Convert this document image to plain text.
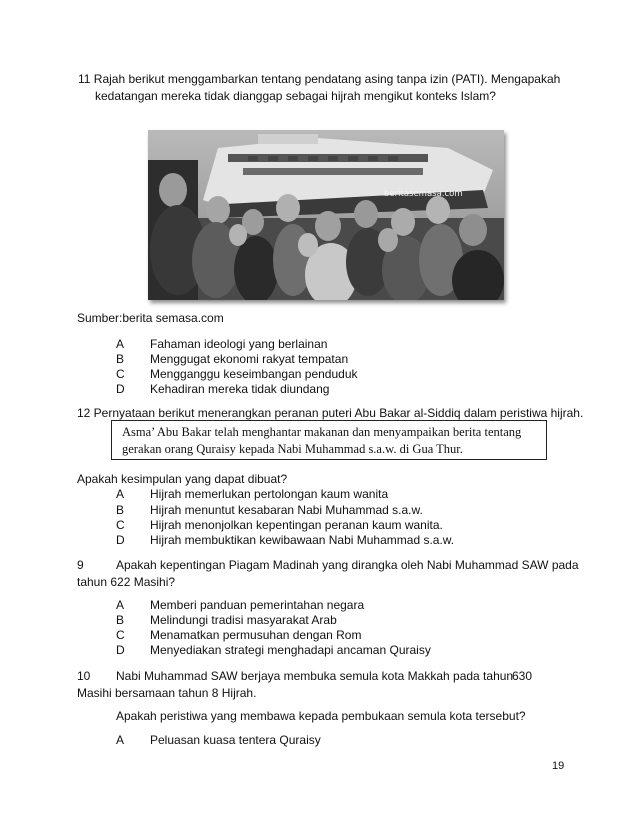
11 Rajah berikut menggambarkan tentang pendatang asing tanpa izin (PATI). Mengapakah
kedatangan mereka tidak dianggap sebagai hijrah mengikut konteks Islam?
beritasemasa.com
Sumber:berita semasa.com
A Fahaman ideologi yang berlainan
B Menggugat ekonomi rakyat tempatan
C Mengganggu keseimbangan penduduk
D Kehadiran mereka tidak diundang
12 Pernyataan berikut menerangkan peranan puteri Abu Bakar al-Siddiq dalam peristiwa hijrah.
Asma’ Abu Bakar telah menghantar makanan dan menyampaikan berita tentang
gerakan orang Quraisy kepada Nabi Muhammad s.a.w. di Gua Thur.
Apakah kesimpulan yang dapat dibuat?
A Hijrah memerlukan pertolongan kaum wanita
B Hijrah menuntut kesabaran Nabi Muhammad s.a.w.
C Hijrah menonjolkan kepentingan peranan kaum wanita.
D Hijrah membuktikan kewibawaan Nabi Muhammad s.a.w.
9	Apakah kepentingan Piagam Madinah yang dirangka oleh Nabi Muhammad SAW pada
tahun 622 Masihi?
A Memberi panduan pemerintahan negara
B Melindungi tradisi masyarakat Arab
C Menamatkan permusuhan dengan Rom
D Menyediakan strategi menghadapi ancaman Quraisy
10 Nabi Muhammad SAW berjaya membuka semula kota Makkah pada tahun
630
Masihi bersamaan tahun 8 Hijrah.
Apakah peristiwa yang membawa kepada pembukaan semula kota tersebut?
A Peluasan kuasa tentera Quraisy
19
